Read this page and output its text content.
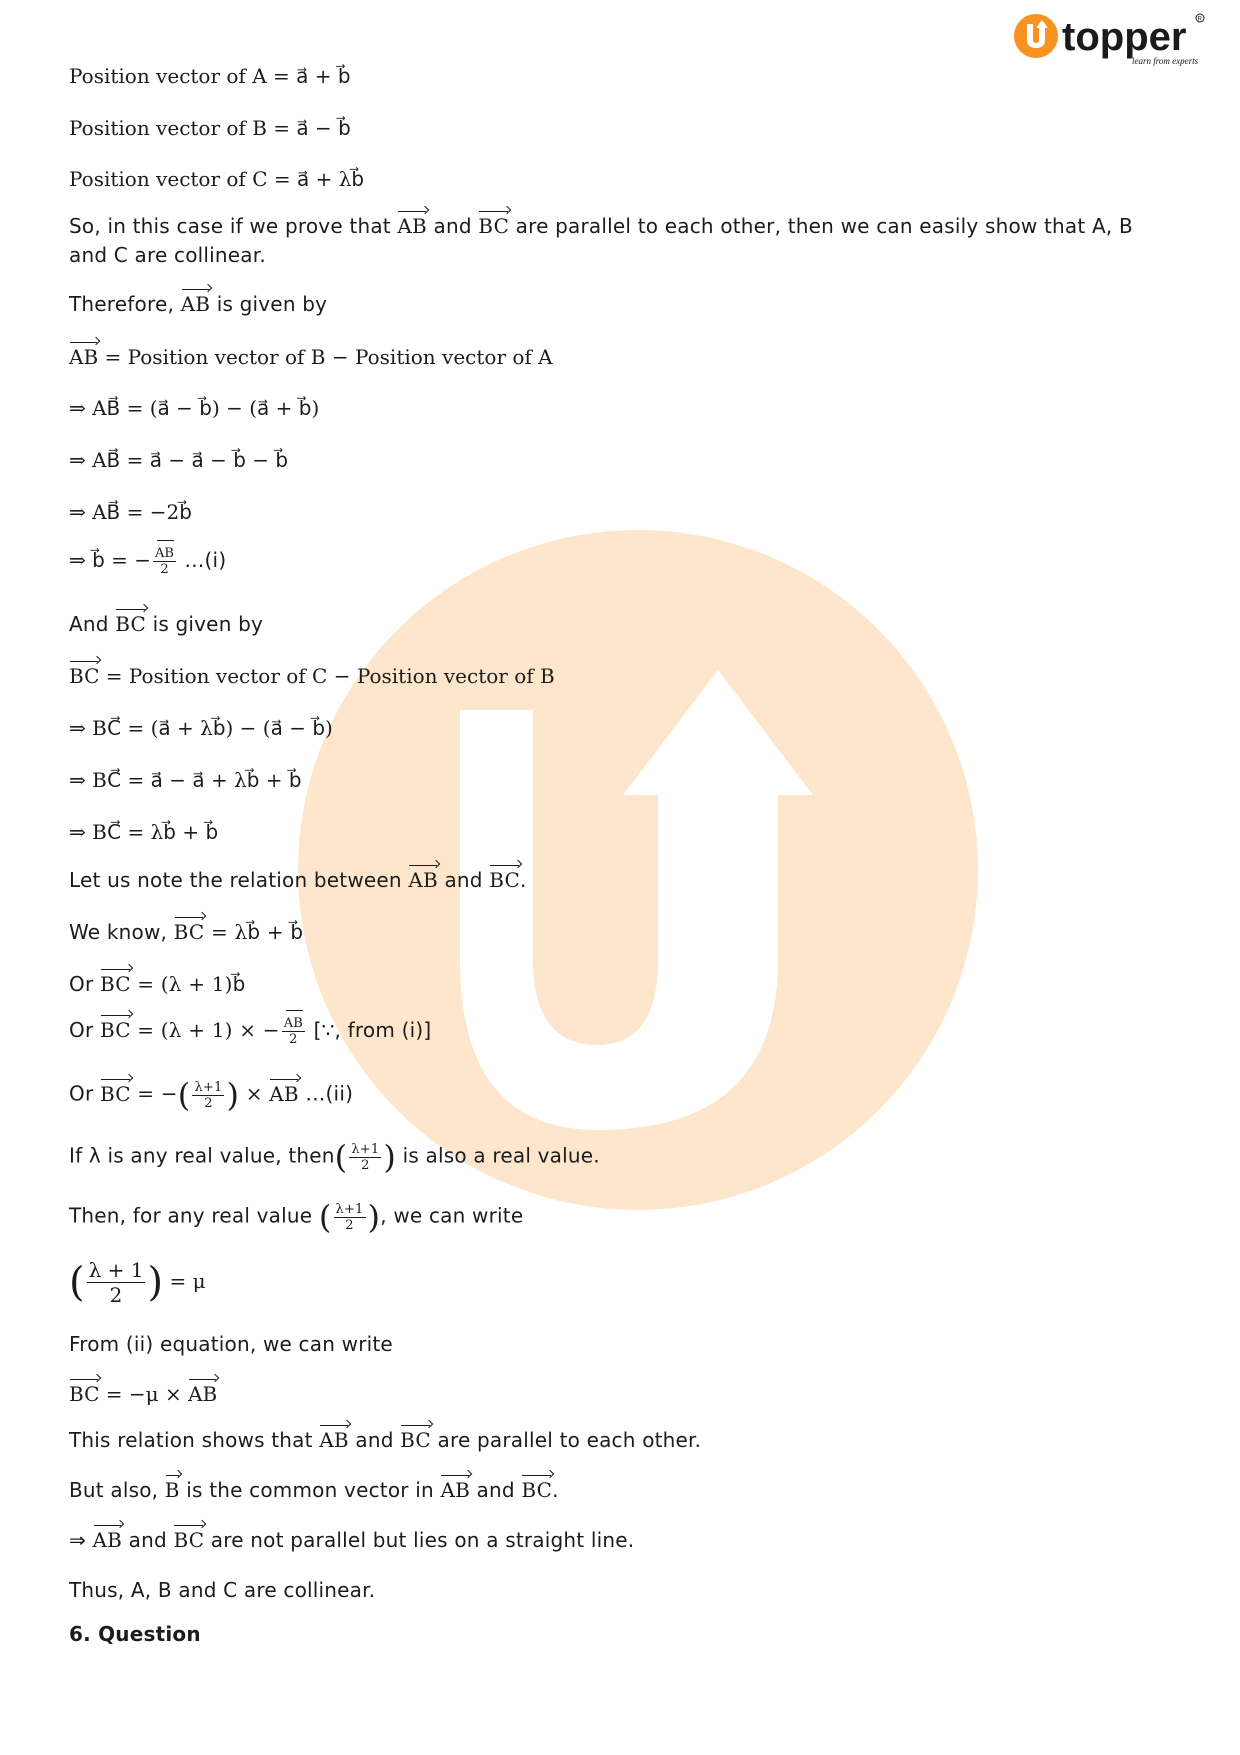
topper
learn from experts
R
Position vector of A = a⃗ + b⃗
Position vector of B = a⃗ − b⃗
Position vector of C = a⃗ + λb⃗
So, in this case if we prove that AB and BC are parallel to each other, then we can easily show that A, B and C are collinear.
Therefore, AB is given by
AB = Position vector of B − Position vector of A
⇒ AB⃗ = (a⃗ − b⃗) − (a⃗ + b⃗)
⇒ AB⃗ = a⃗ − a⃗ − b⃗ − b⃗
⇒ AB⃗ = −2b⃗
⇒ b⃗ = − $\frac{AB}{2}$ …(i)
And BC is given by
BC = Position vector of C − Position vector of B
⇒ BC⃗ = (a⃗ + λb⃗) − (a⃗ − b⃗)
⇒ BC⃗ = a⃗ − a⃗ + λb⃗ + b⃗
⇒ BC⃗ = λb⃗ + b⃗
Let us note the relation between AB and BC.
We know, BC = λb⃗ + b⃗
Or BC = (λ + 1)b⃗
Or BC = (λ + 1) × − $\frac{AB}{2}$ [∵, from (i)]
Or BC = −( $\frac{\lambda+1}{2}$ ) × AB …(ii)
If λ is any real value, then( $\frac{\lambda+1}{2}$ ) is also a real value.
Then, for any real value ( $\frac{\lambda+1}{2}$ ), we can write
( $\frac{\lambda + 1}{2}$ ) = μ
From (ii) equation, we can write
BC = −μ × AB
This relation shows that AB and BC are parallel to each other.
But also, B is the common vector in AB and BC.
⇒ AB and BC are not parallel but lies on a straight line.
Thus, A, B and C are collinear.
6. Question
